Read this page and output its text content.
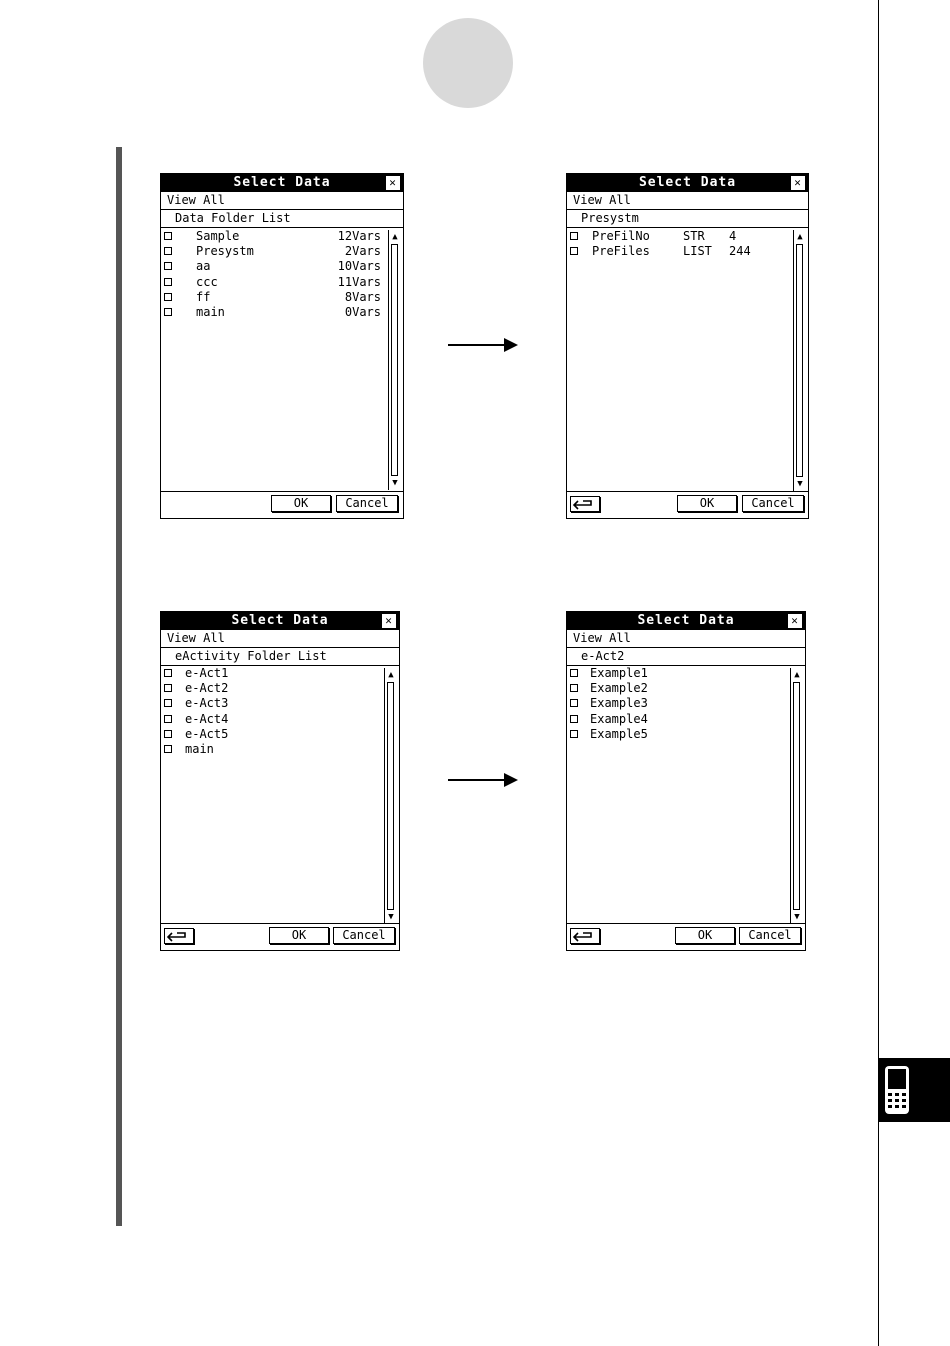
Select Data	✕
View All
Data Folder List
Sample	12Vars
Presystm	2Vars
aa	10Vars
ccc	11Vars
ff	8Vars
main	0Vars
▲
▼
OK	Cancel
Select Data	✕
View All
Presystm
PreFilNo	STR 4
PreFiles	LIST 244
▲
▼
OK	Cancel
Select Data	✕
View All
eActivity Folder List
e-Act1
e-Act2
e-Act3
e-Act4
e-Act5
main
▲
▼
OK	Cancel
Select Data	✕
View All
e-Act2
Example1
Example2
Example3
Example4
Example5
▲
▼
OK	Cancel
